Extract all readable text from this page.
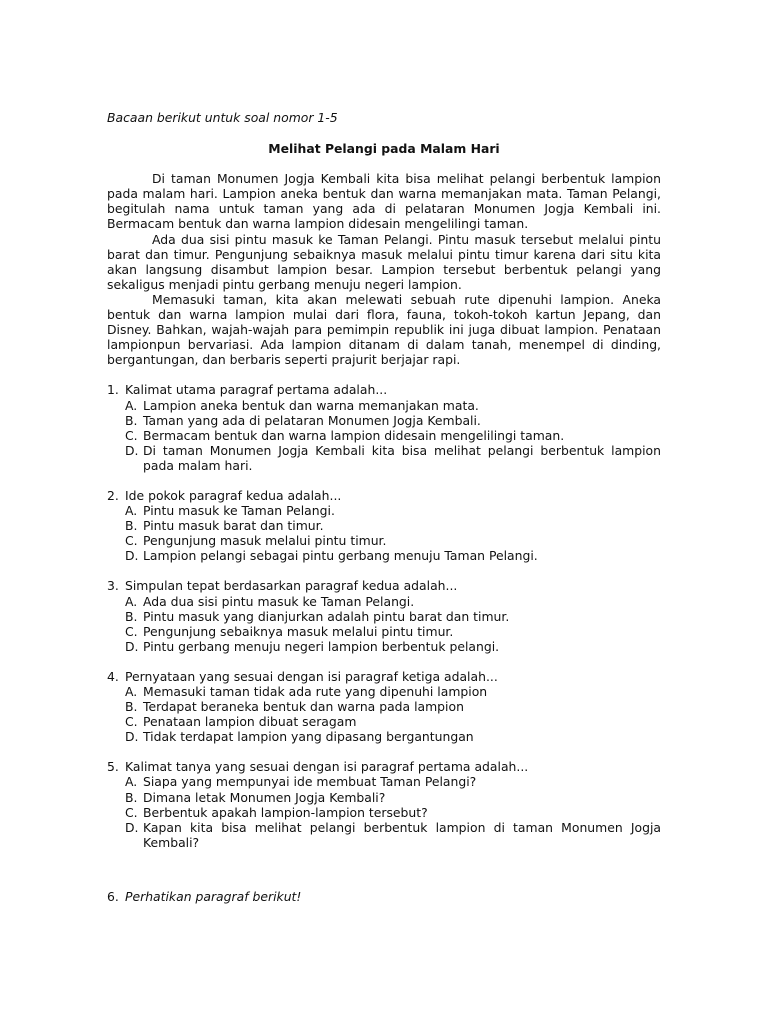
Bacaan berikut untuk soal nomor 1-5

Melihat Pelangi pada Malam Hari

Di taman Monumen Jogja Kembali kita bisa melihat pelangi berbentuk lampion pada malam hari. Lampion aneka bentuk dan warna memanjakan mata. Taman Pelangi, begitulah nama untuk taman yang ada di pelataran Monumen Jogja Kembali ini. Bermacam bentuk dan warna lampion didesain mengelilingi taman.

Ada dua sisi pintu masuk ke Taman Pelangi. Pintu masuk tersebut melalui pintu barat dan timur. Pengunjung sebaiknya masuk melalui pintu timur karena dari situ kita akan langsung disambut lampion besar. Lampion tersebut berbentuk pelangi yang sekaligus menjadi pintu gerbang menuju negeri lampion.

Memasuki taman, kita akan melewati sebuah rute dipenuhi lampion. Aneka bentuk dan warna lampion mulai dari flora, fauna, tokoh-tokoh kartun Jepang, dan Disney. Bahkan, wajah-wajah para pemimpin republik ini juga dibuat lampion. Penataan lampionpun bervariasi. Ada lampion ditanam di dalam tanah, menempel di dinding, bergantungan, dan berbaris seperti prajurit berjajar rapi.

1. Kalimat utama paragraf pertama adalah...
A. Lampion aneka bentuk dan warna memanjakan mata.
B. Taman yang ada di pelataran Monumen Jogja Kembali.
C. Bermacam bentuk dan warna lampion didesain mengelilingi taman.
D. Di taman Monumen Jogja Kembali kita bisa melihat pelangi berbentuk lampion pada malam hari.
2. Ide pokok paragraf kedua adalah...
A. Pintu masuk ke Taman Pelangi.
B. Pintu masuk barat dan timur.
C. Pengunjung masuk melalui pintu timur.
D. Lampion pelangi sebagai pintu gerbang menuju Taman Pelangi.
3. Simpulan tepat berdasarkan paragraf kedua adalah...
A. Ada dua sisi pintu masuk ke Taman Pelangi.
B. Pintu masuk yang dianjurkan adalah pintu barat dan timur.
C. Pengunjung sebaiknya masuk melalui pintu timur.
D. Pintu gerbang menuju negeri lampion berbentuk pelangi.
4. Pernyataan yang sesuai dengan isi paragraf ketiga adalah...
A. Memasuki taman tidak ada rute yang dipenuhi lampion
B. Terdapat beraneka bentuk dan warna pada lampion
C. Penataan lampion dibuat seragam
D. Tidak terdapat lampion yang dipasang bergantungan
5. Kalimat tanya yang sesuai dengan isi paragraf pertama adalah...
A. Siapa yang mempunyai ide membuat Taman Pelangi?
B. Dimana letak Monumen Jogja Kembali?
C. Berbentuk apakah lampion-lampion tersebut?
D. Kapan kita bisa melihat pelangi berbentuk lampion di taman Monumen Jogja Kembali?
6. Perhatikan paragraf berikut!
